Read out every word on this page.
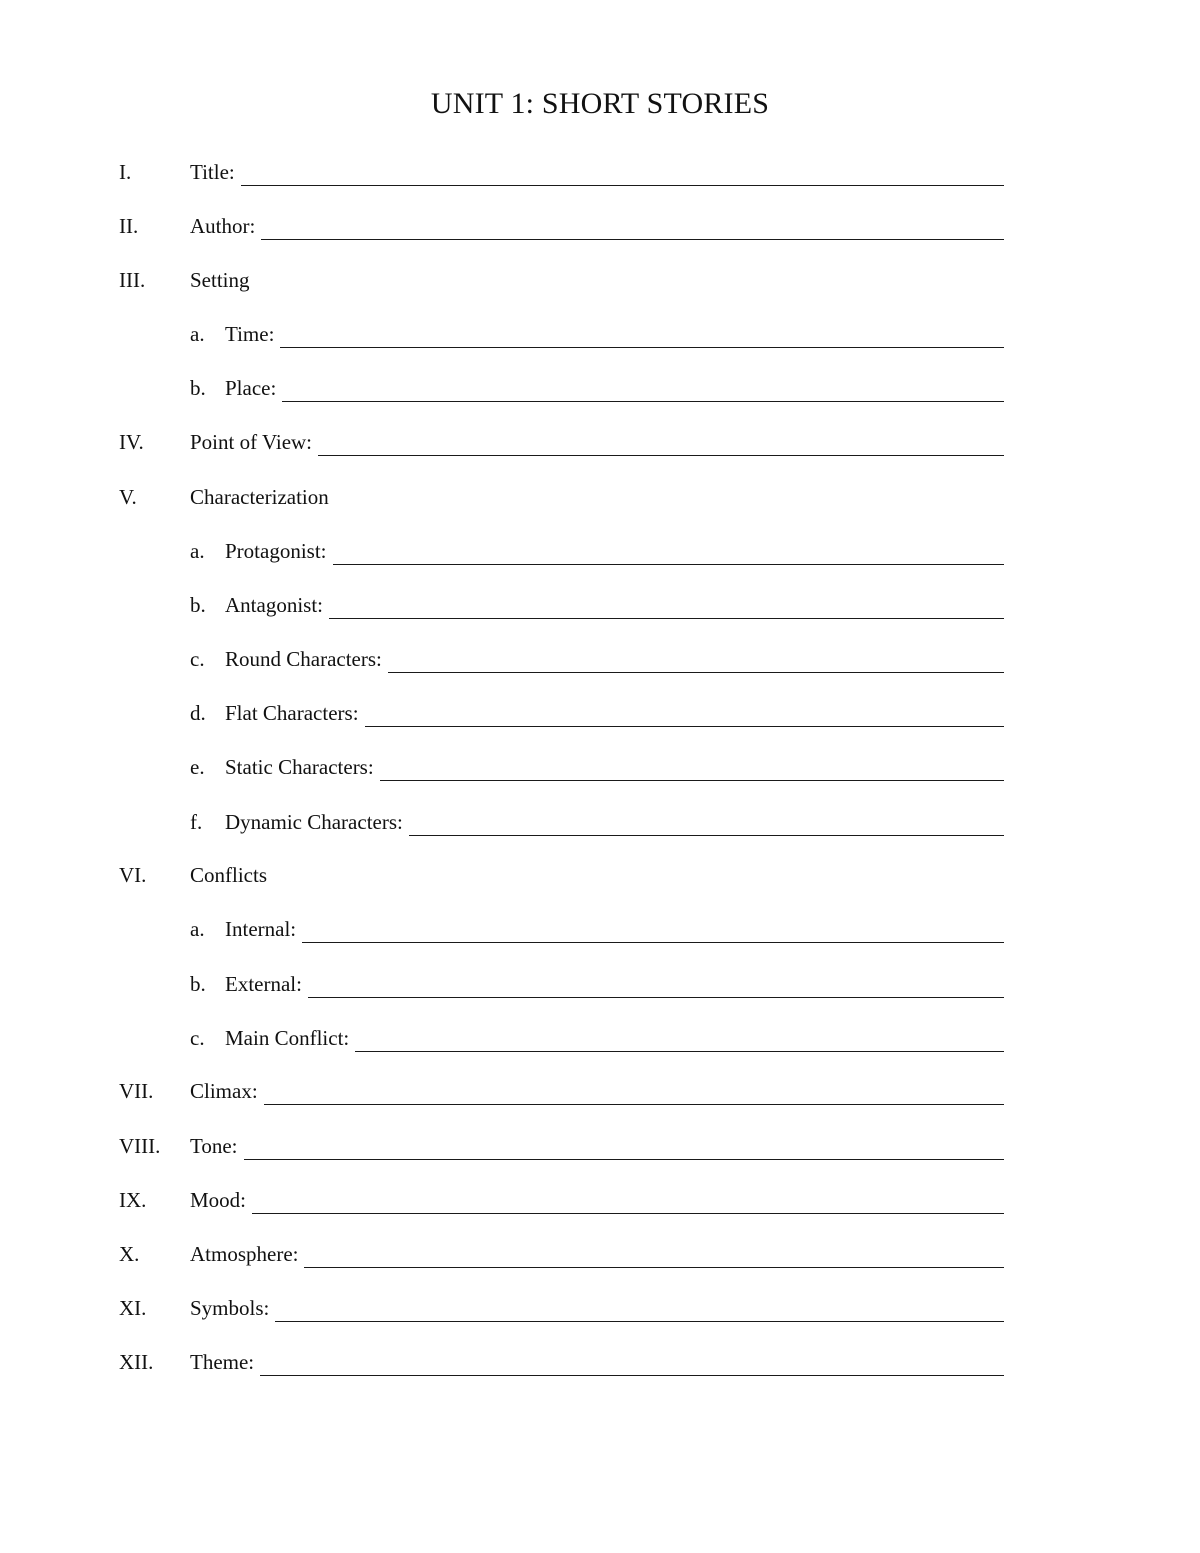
UNIT 1: SHORT STORIES
I.	Title:
II. Author:
III. Setting
a. Time:
b. Place:
IV. Point of View:
V.	Characterization
a. Protagonist:
b. Antagonist:
c. Round Characters:
d. Flat Characters:
e. Static Characters:
f.	Dynamic Characters:
VI. Conflicts
a. Internal:
b. External:
c. Main Conflict:
VII. Climax:
VIII. Tone:
IX. Mood:
X. Atmosphere:
XI. Symbols:
XII. Theme:
